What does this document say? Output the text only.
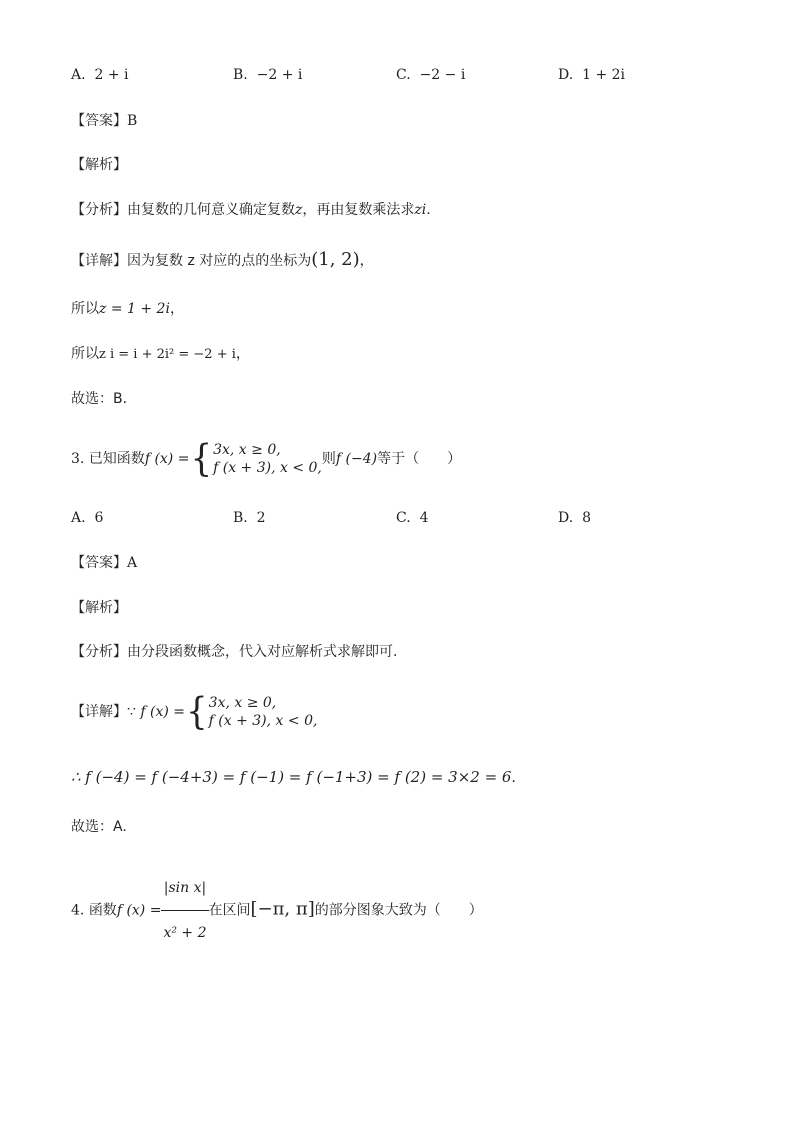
A. 2 + i	B. −2 + i	C. −2 − i	D. 1 + 2i
【答案】B
【解析】
【分析】由复数的几何意义确定复数z，再由复数乘法求zi.
【详解】因为复数 z 对应的点的坐标为(1, 2)，
所以z = 1 + 2i，
所以z i = i + 2i² = −2 + i，
故选：B．
3. 已知函数f (x) ={ 3x, x ≥ 0,
f (x + 3), x < 0,
则f (−4)等于（　　）
A. 6	B. 2	C. 4	D. 8
【答案】A
【解析】
【分析】由分段函数概念，代入对应解析式求解即可.
【详解】∵ f (x) ={ 3x, x ≥ 0,
f (x + 3), x < 0,
∴ f (−4) = f (−4+3) = f (−1) = f (−1+3) = f (2) = 3×2 = 6．
故选：A.
4. 函数f $(x) = \frac{\text{|sin x|}}{\text{x² + 2}}$ 在区间[−π, π]的部分图象大致为（　　）
